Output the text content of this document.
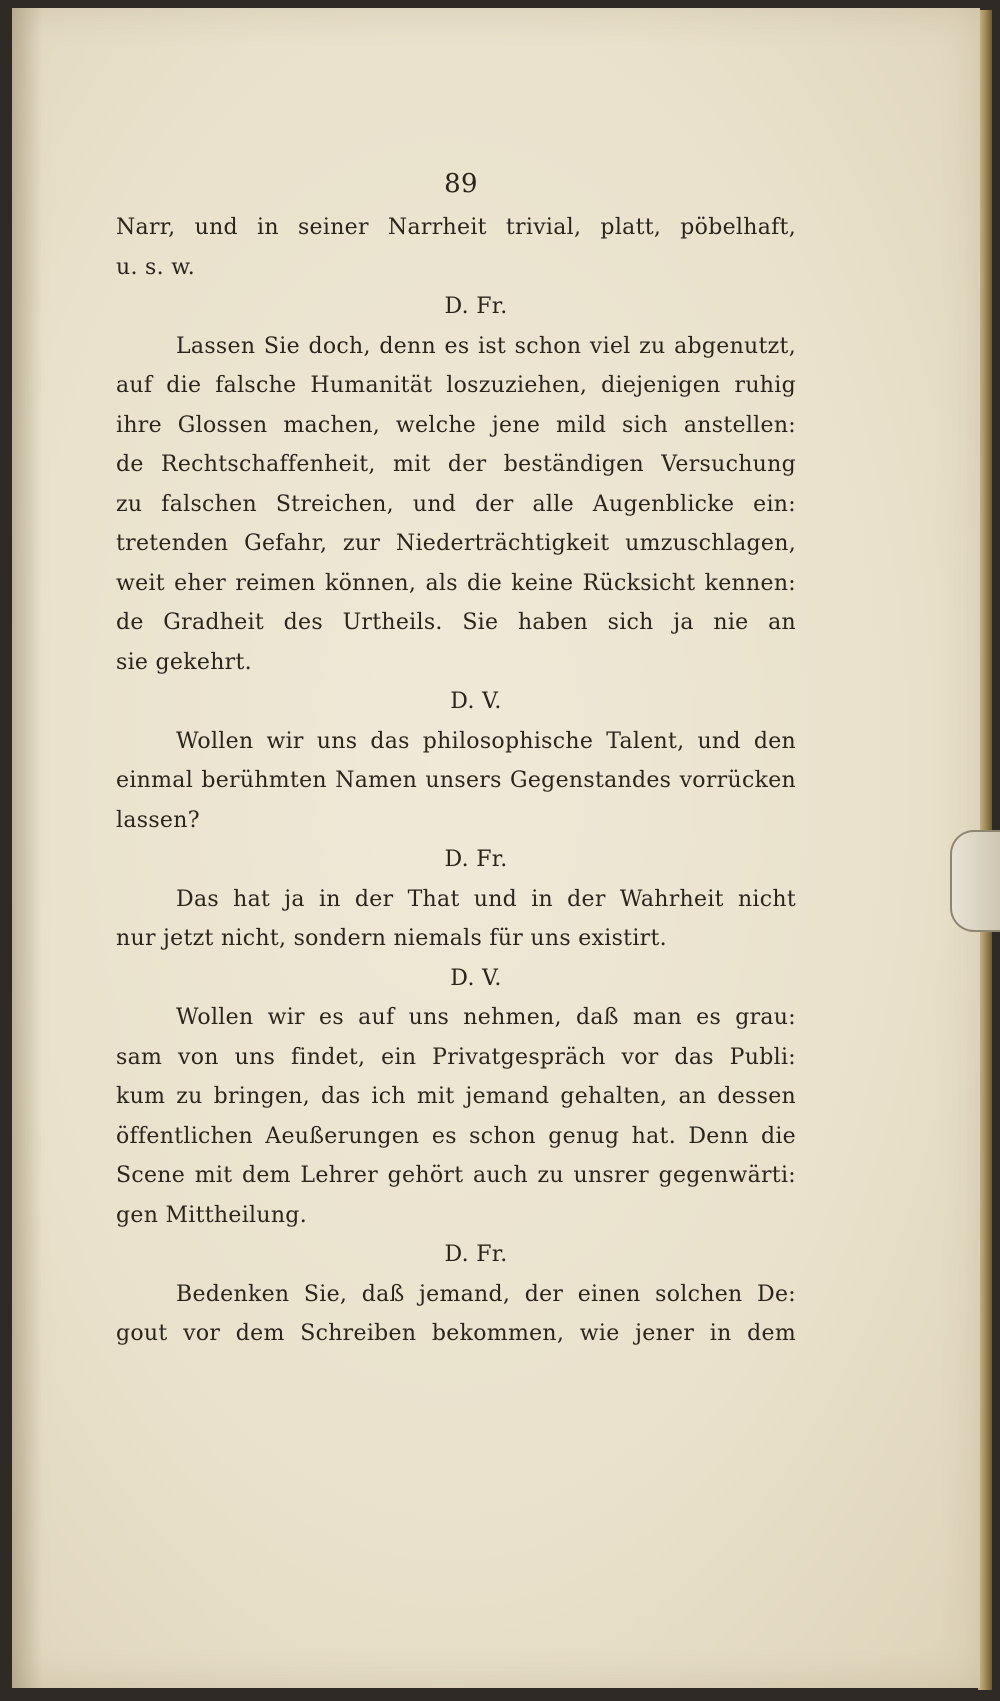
89
Narr, und in seiner Narrheit trivial, platt, pöbelhaft,
u. s. w.
D. Fr.
Lassen Sie doch, denn es ist schon viel zu abgenutzt,
auf die falsche Humanität loszuziehen, diejenigen ruhig
ihre Glossen machen, welche jene mild sich anstellen:
de Rechtschaffenheit, mit der beständigen Versuchung
zu falschen Streichen, und der alle Augenblicke ein:
tretenden Gefahr, zur Niederträchtigkeit umzuschlagen,
weit eher reimen können, als die keine Rücksicht kennen:
de Gradheit des Urtheils. Sie haben sich ja nie an
sie gekehrt.
D. V.
Wollen wir uns das philosophische Talent, und den
einmal berühmten Namen unsers Gegenstandes vorrücken
lassen?
D. Fr.
Das hat ja in der That und in der Wahrheit nicht
nur jetzt nicht, sondern niemals für uns existirt.
D. V.
Wollen wir es auf uns nehmen, daß man es grau:
sam von uns findet, ein Privatgespräch vor das Publi:
kum zu bringen, das ich mit jemand gehalten, an dessen
öffentlichen Aeußerungen es schon genug hat. Denn die
Scene mit dem Lehrer gehört auch zu unsrer gegenwärti:
gen Mittheilung.
D. Fr.
Bedenken Sie, daß jemand, der einen solchen De:
gout vor dem Schreiben bekommen, wie jener in dem
